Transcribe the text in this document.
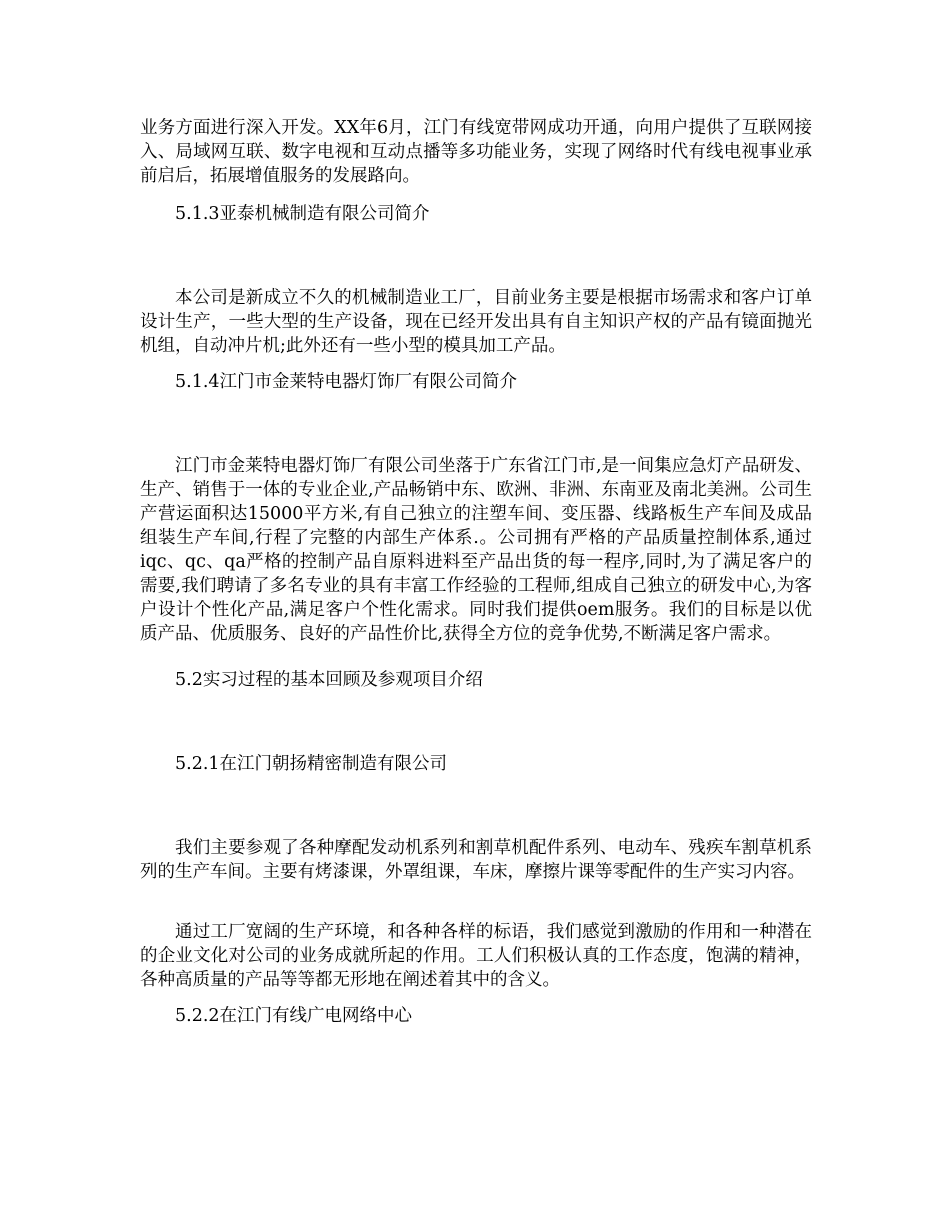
业务方面进行深入开发。XX年6月，江门有线宽带网成功开通，向用户提供了互联网接入、局域网互联、数字电视和互动点播等多功能业务，实现了网络时代有线电视事业承前启后，拓展增值服务的发展路向。

5.1.3亚泰机械制造有限公司简介

本公司是新成立不久的机械制造业工厂，目前业务主要是根据市场需求和客户订单设计生产，一些大型的生产设备，现在已经开发出具有自主知识产权的产品有镜面抛光机组，自动冲片机;此外还有一些小型的模具加工产品。

5.1.4江门市金莱特电器灯饰厂有限公司简介

江门市金莱特电器灯饰厂有限公司坐落于广东省江门市,是一间集应急灯产品研发、生产、销售于一体的专业企业,产品畅销中东、欧洲、非洲、东南亚及南北美洲。公司生产营运面积达15000平方米,有自己独立的注塑车间、变压器、线路板生产车间及成品组装生产车间,行程了完整的内部生产体系.。公司拥有严格的产品质量控制体系,通过iqc、qc、qa严格的控制产品自原料进料至产品出货的每一程序,同时,为了满足客户的需要,我们聘请了多名专业的具有丰富工作经验的工程师,组成自己独立的研发中心,为客户设计个性化产品,满足客户个性化需求。同时我们提供oem服务。我们的目标是以优质产品、优质服务、良好的产品性价比,获得全方位的竞争优势,不断满足客户需求。

5.2实习过程的基本回顾及参观项目介绍

5.2.1在江门朝扬精密制造有限公司

我们主要参观了各种摩配发动机系列和割草机配件系列、电动车、残疾车割草机系列的生产车间。主要有烤漆课，外罩组课，车床，摩擦片课等零配件的生产实习内容。

通过工厂宽阔的生产环境，和各种各样的标语，我们感觉到激励的作用和一种潜在的企业文化对公司的业务成就所起的作用。工人们积极认真的工作态度，饱满的精神，各种高质量的产品等等都无形地在阐述着其中的含义。

5.2.2在江门有线广电网络中心
